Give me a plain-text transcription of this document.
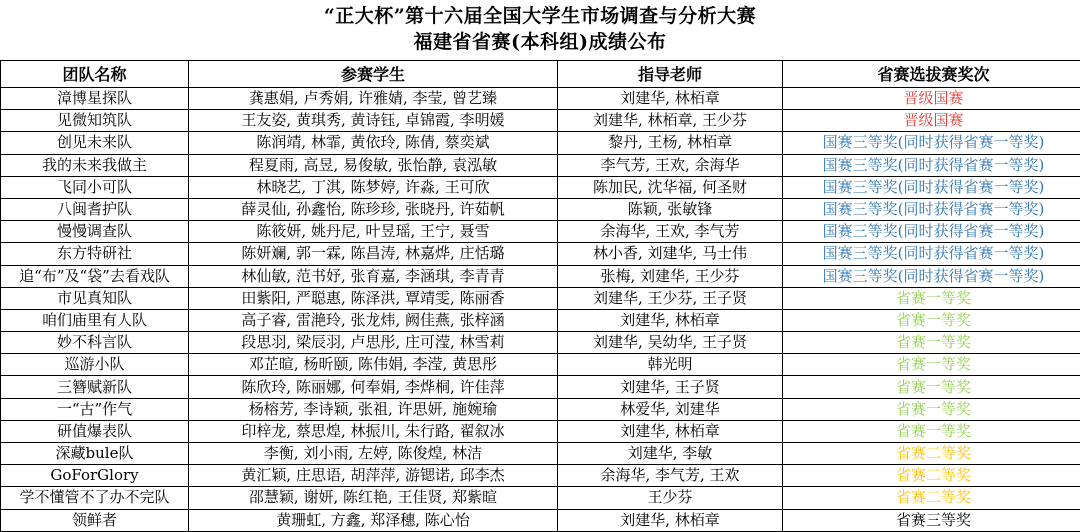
“正大杯”第十六届全国大学生市场调查与分析大赛
福建省省赛(本科组)成绩公布
团队名称	参赛学生	指导老师	省赛选拔赛奖次
漳博星探队	龚惠娟, 卢秀娟, 许雅婧, 李莹, 曾艺臻	刘建华, 林栢章	晋级国赛
见微知筑队	王友姿, 黄琪秀, 黄诗钰, 卓锦霞, 李明媛	刘建华, 林栢章, 王少芬	晋级国赛
创见未来队	陈润靖, 林霏, 黄依玲, 陈倩, 蔡奕斌	黎丹, 王杨, 林栢章	国赛三等奖(同时获得省赛一等奖)
我的未来我做主	程夏雨, 高昱, 易俊敏, 张怡静, 袁泓敏	李气芳, 王欢, 余海华	国赛三等奖(同时获得省赛一等奖)
飞同小可队	林晓艺, 丁淇, 陈梦婷, 许淼, 王可欣	陈加民, 沈华福, 何圣财	国赛三等奖(同时获得省赛一等奖)
八闽耆护队	薛灵仙, 孙鑫怡, 陈珍珍, 张晓丹, 许茹帆	陈颖, 张敏锋	国赛三等奖(同时获得省赛一等奖)
慢慢调查队	陈筱妍, 姚丹尼, 叶昱瑶, 王宁, 聂雪	余海华, 王欢, 李气芳	国赛三等奖(同时获得省赛一等奖)
东方特研社	陈妍斓, 郭一霖, 陈昌涛, 林嘉烨, 庄恬璐	林小香, 刘建华, 马士伟	国赛三等奖(同时获得省赛一等奖)
追“布”及“袋”去看戏队	林仙敏, 范书妤, 张育嘉, 李涵琪, 李青青	张梅, 刘建华, 王少芬	国赛三等奖(同时获得省赛一等奖)
市见真知队	田紫阳, 严聪惠, 陈泽洪, 覃靖雯, 陈丽香	刘建华, 王少芬, 王子贤	省赛一等奖
咱们庙里有人队	高子睿, 雷滟玲, 张龙炜, 阙佳燕, 张梓涵	刘建华, 林栢章	省赛一等奖
妙不科言队	段思羽, 梁辰羽, 卢思彤, 庄可滢, 林雪莉	刘建华, 吴幼华, 王子贤	省赛一等奖
巡游小队	邓芷暄, 杨昕颐, 陈伟娟, 李滢, 黄思彤	韩光明	省赛一等奖
三簪赋新队	陈欣玲, 陈丽娜, 何奉娟, 李烨桐, 许佳萍	刘建华, 王子贤	省赛一等奖
一“古”作气	杨榕芳, 李诗颖, 张祖, 许思妍, 施婉瑜	林爱华, 刘建华	省赛一等奖
研值爆表队	印梓龙, 蔡思煌, 林振川, 朱行路, 翟叙冰	刘建华, 林栢章	省赛一等奖
深藏bule队	李衡, 刘小雨, 左婷, 陈俊煌, 林洁	刘建华, 李敏	省赛二等奖
GoForGlory	黄汇颖, 庄思语, 胡萍萍, 游锶诺, 邱李杰	余海华, 李气芳, 王欢	省赛二等奖
学不懂管不了办不完队	邵慧颖, 谢妍, 陈红艳, 王佳贤, 郑紫暄	王少芬	省赛二等奖
领鲜者	黄珊虹, 方鑫, 郑泽穗, 陈心怡	刘建华, 林栢章	省赛三等奖
